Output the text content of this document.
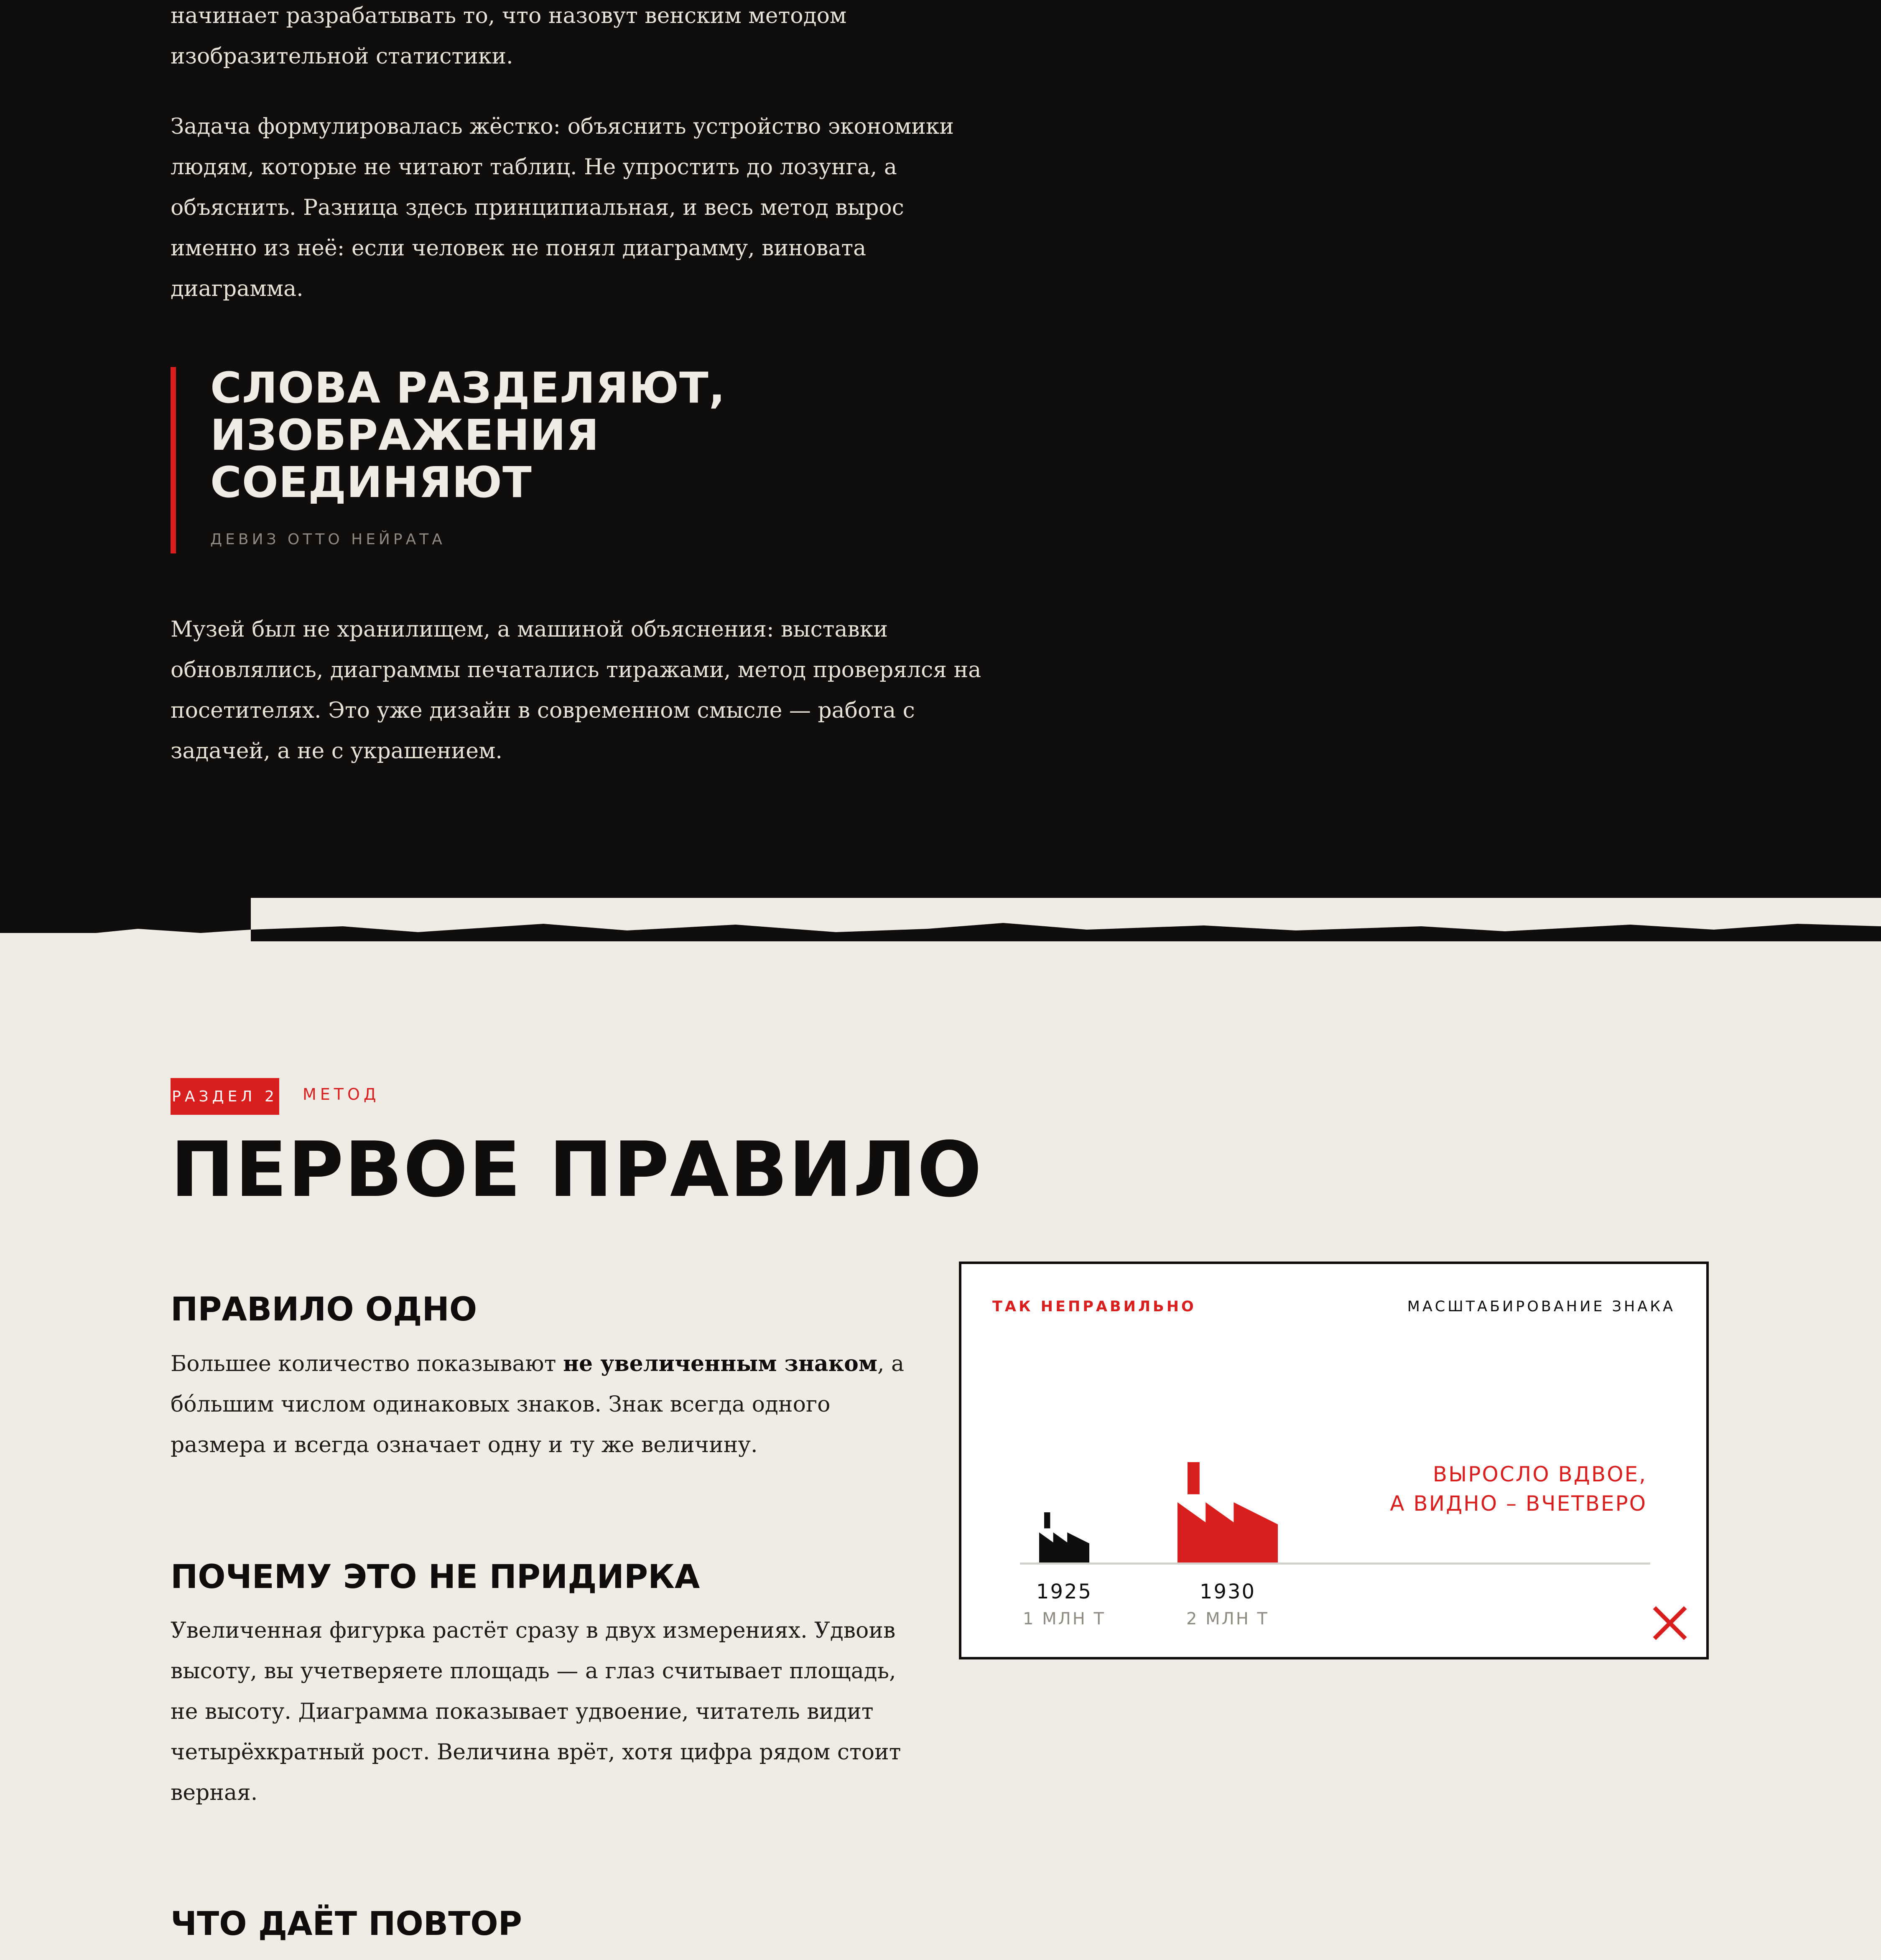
начинает разрабатывать то, что назовут венским методом изобразительной статистики.

Задача формулировалась жёстко: объяснить устройство экономики людям, которые не читают таблиц. Не упростить до лозунга, а объяснить. Разница здесь принципиальная, и весь метод вырос именно из неё: если человек не понял диаграмму, виновата диаграмма.

СЛОВА РАЗДЕЛЯЮТ,
ИЗОБРАЖЕНИЯ
СОЕДИНЯЮТ

ДЕВИЗ ОТТО НЕЙРАТА

Музей был не хранилищем, а машиной объяснения: выставки обновлялись, диаграммы печатались тиражами, метод проверялся на посетителях. Это уже дизайн в современном смысле — работа с задачей, а не с украшением.

РАЗДЕЛ 2 МЕТОД
ПЕРВОЕ ПРАВИЛО
ПРАВИЛО ОДНО

Большее количество показывают не увеличенным знаком, а бóльшим числом одинаковых знаков. Знак всегда одного размера и всегда означает одну и ту же величину.

ПОЧЕМУ ЭТО НЕ ПРИДИРКА

Увеличенная фигурка растёт сразу в двух измерениях. Удвоив высоту, вы учетверяете площадь — а глаз считывает площадь, не высоту. Диаграмма показывает удвоение, читатель видит четырёхкратный рост. Величина врёт, хотя цифра рядом стоит верная.

ЧТО ДАЁТ ПОВТОР
ТАК НЕПРАВИЛЬНО	МАСШТАБИРОВАНИЕ ЗНАКА

ВЫРОСЛО ВДВОЕ,
А ВИДНО – ВЧЕТВЕРО

1925
1 МЛН Т
1930
2 МЛН Т
